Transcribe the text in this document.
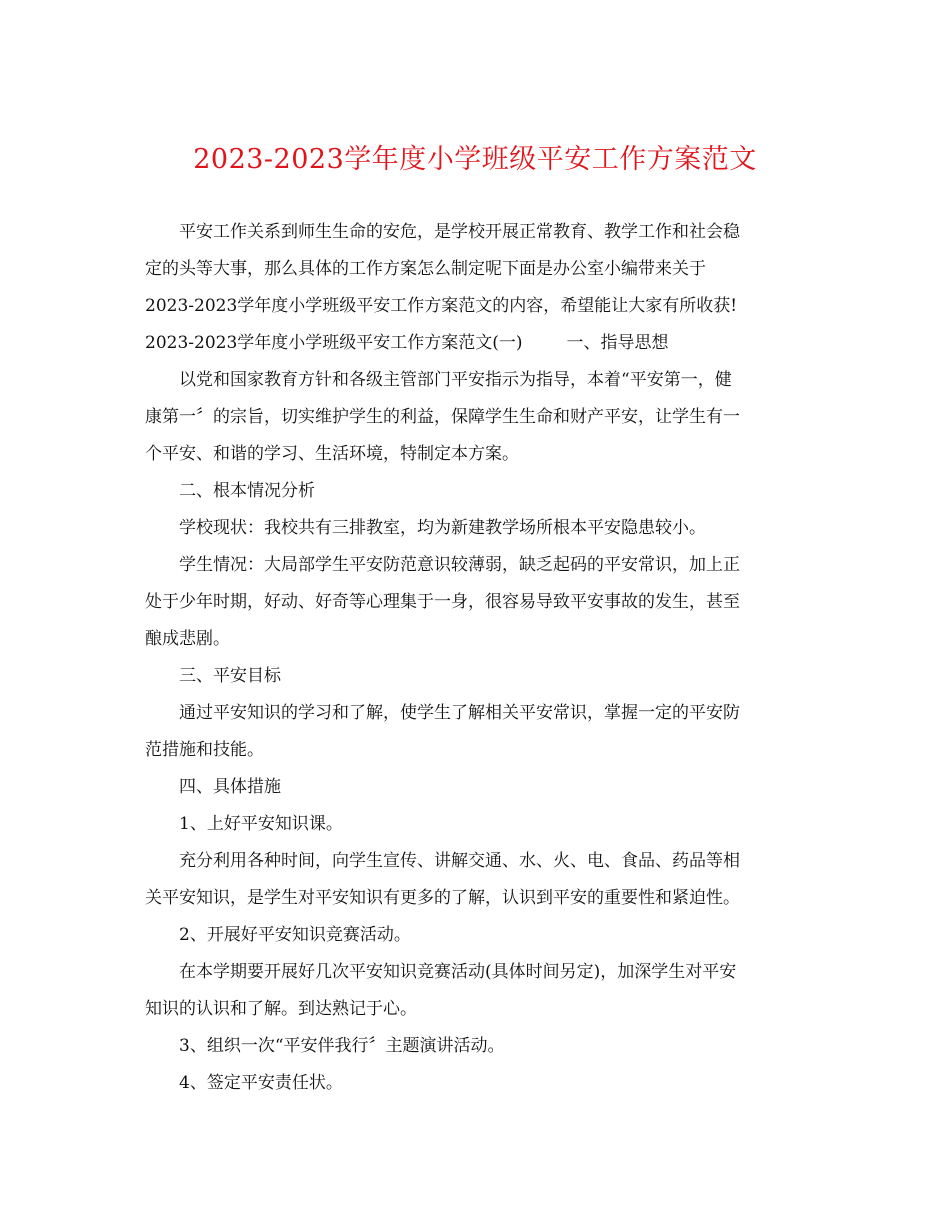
2023-2023学年度小学班级平安工作方案范文

平安工作关系到师生生命的安危，是学校开展正常教育、教学工作和社会稳
定的头等大事，那么具体的工作方案怎么制定呢下面是办公室小编带来关于
2023-2023学年度小学班级平安工作方案范文的内容，希望能让大家有所收获!
2023-2023学年度小学班级平安工作方案范文(一)	一、指导思想

以党和国家教育方针和各级主管部门平安指示为指导，本着“平安第一，健
康第一〞的宗旨，切实维护学生的利益，保障学生生命和财产平安，让学生有一
个平安、和谐的学习、生活环境，特制定本方案。

二、根本情况分析

学校现状：我校共有三排教室，均为新建教学场所根本平安隐患较小。

学生情况：大局部学生平安防范意识较薄弱，缺乏起码的平安常识，加上正
处于少年时期，好动、好奇等心理集于一身，很容易导致平安事故的发生，甚至
酿成悲剧。

三、平安目标

通过平安知识的学习和了解，使学生了解相关平安常识，掌握一定的平安防
范措施和技能。

四、具体措施

1、上好平安知识课。

充分利用各种时间，向学生宣传、讲解交通、水、火、电、食品、药品等相
关平安知识，是学生对平安知识有更多的了解，认识到平安的重要性和紧迫性。

2、开展好平安知识竞赛活动。

在本学期要开展好几次平安知识竞赛活动(具体时间另定)，加深学生对平安
知识的认识和了解。到达熟记于心。

3、组织一次“平安伴我行〞主题演讲活动。

4、签定平安责任状。
